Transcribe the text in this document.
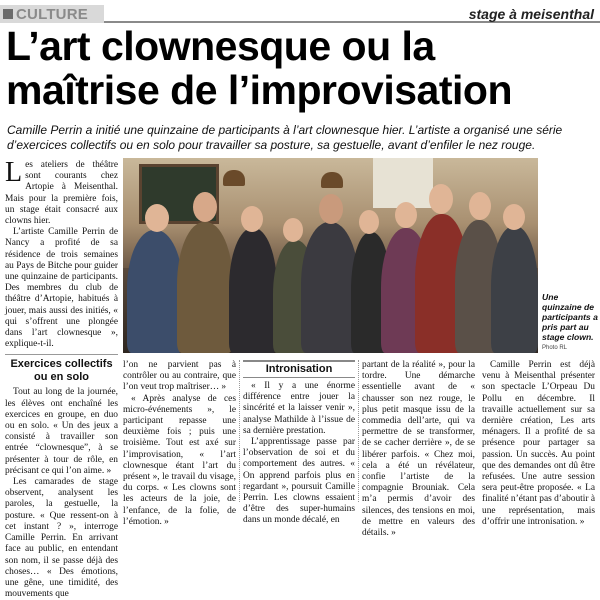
CULTURE	stage à meisenthal
L’art clownesque ou la maîtrise de l’improvisation

Camille Perrin a initié une quinzaine de participants à l’art clownesque hier. L’artiste a organisé une série d’exercices collectifs ou en solo pour travailler sa posture, sa gestuelle, avant d’enfiler le nez rouge.

L es ateliers de théâtre sont courants chez Artopie à Meisenthal. Mais pour la première fois, un stage était consacré aux clowns hier.

L’artiste Camille Perrin de Nancy a profité de sa résidence de trois semaines au Pays de Bitche pour guider une quinzaine de participants. Des membres du club de théâtre d’Artopie, habitués à jouer, mais aussi des initiés, « qui s’offrent une plongée dans l’art clownesque », explique-t-il.

Exercices collectifs ou en solo

Tout au long de la journée, les élèves ont enchaîné les exercices en groupe, en duo ou en solo. « Un des jeux a consisté à travailler son entrée “clownesque”, à se présenter à tour de rôle, en précisant ce qui l’on aime. »

Les camarades de stage observent, analysent les paroles, la gestuelle, la posture. « Que ressent-on à cet instant ? », interroge Camille Perrin. En arrivant face au public, en entendant son nom, il se passe déjà des choses… « Des émotions, une gêne, une timidité, des mouvements que

Une quinzaine de participants a pris part au stage clown.
Photo RL

l’on ne parvient pas à contrôler ou au contraire, que l’on veut trop maîtriser… »

« Après analyse de ces micro-événements », le participant repasse une deuxième fois ; puis une troisième. Tout est axé sur l’improvisation, « l’art clownesque étant l’art du présent », le travail du visage, du corps. « Les clowns sont les acteurs de la joie, de l’enfance, de la folie, de l’émotion. »

Intronisation

« Il y a une énorme différence entre jouer la sincérité et la laisser venir », analyse Mathilde à l’issue de sa dernière prestation.

L’apprentissage passe par l’observation de soi et du comportement des autres. « On apprend parfois plus en regardant », poursuit Camille Perrin. Les clowns essaient d’être des super-humains dans un monde décalé, en

partant de la réalité », pour la tordre. Une démarche essentielle avant de « chausser son nez rouge, le plus petit masque issu de la commedia dell’arte, qui va permettre de se transformer, de se cacher derrière », de se libérer parfois. « Chez moi, cela a été un révélateur, confie l’artiste de la compagnie Brouniak. Cela m’a permis d’avoir des silences, des tensions en moi, de mettre en valeurs des détails. »

Camille Perrin est déjà venu à Meisenthal présenter son spectacle L’Orpeau Du Pollu en décembre. Il travaille actuellement sur sa dernière création, Les arts ménagers. Il a profité de sa présence pour partager sa passion. Un succès. Au point que des demandes ont dû être refusées. Une autre session sera peut-être proposée. « La finalité n’étant pas d’aboutir à une représentation, mais d’offrir une intronisation. »
